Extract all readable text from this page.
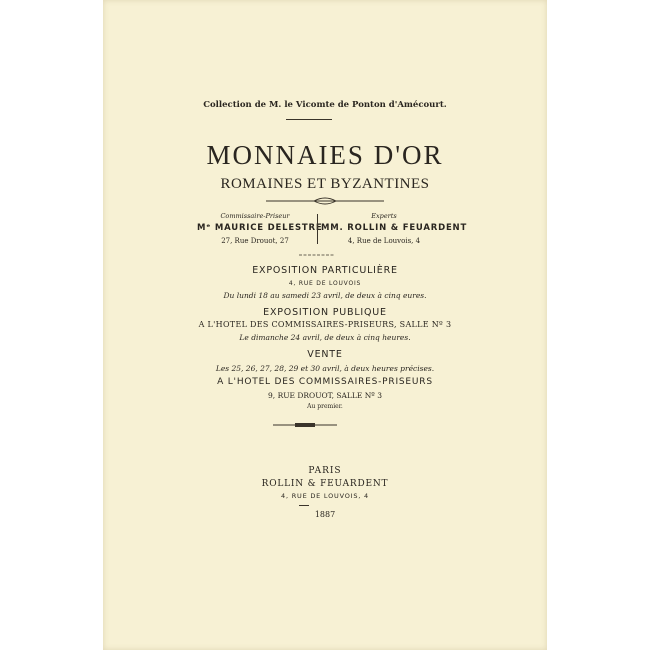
Collection de M. le Vicomte de Ponton d'Amécourt.
MONNAIES D'OR
ROMAINES ET BYZANTINES
Commissaire-Priseur
Mᵉ MAURICE DELESTRE
27, Rue Drouot, 27
Experts
MM. ROLLIN & FEUARDENT
4, Rue de Louvois, 4
EXPOSITION PARTICULIÈRE
4, RUE DE LOUVOIS
Du lundi 18 au samedi 23 avril, de deux à cinq eures.
EXPOSITION PUBLIQUE
A L'HOTEL DES COMMISSAIRES-PRISEURS, SALLE Nº 3
Le dimanche 24 avril, de deux à cinq heures.
VENTE
Les 25, 26, 27, 28, 29 et 30 avril, à deux heures précises.
A L'HOTEL DES COMMISSAIRES-PRISEURS
9, RUE DROUOT, SALLE Nº 3
Au premier.
PARIS
ROLLIN & FEUARDENT
4, RUE DE LOUVOIS, 4
1887
